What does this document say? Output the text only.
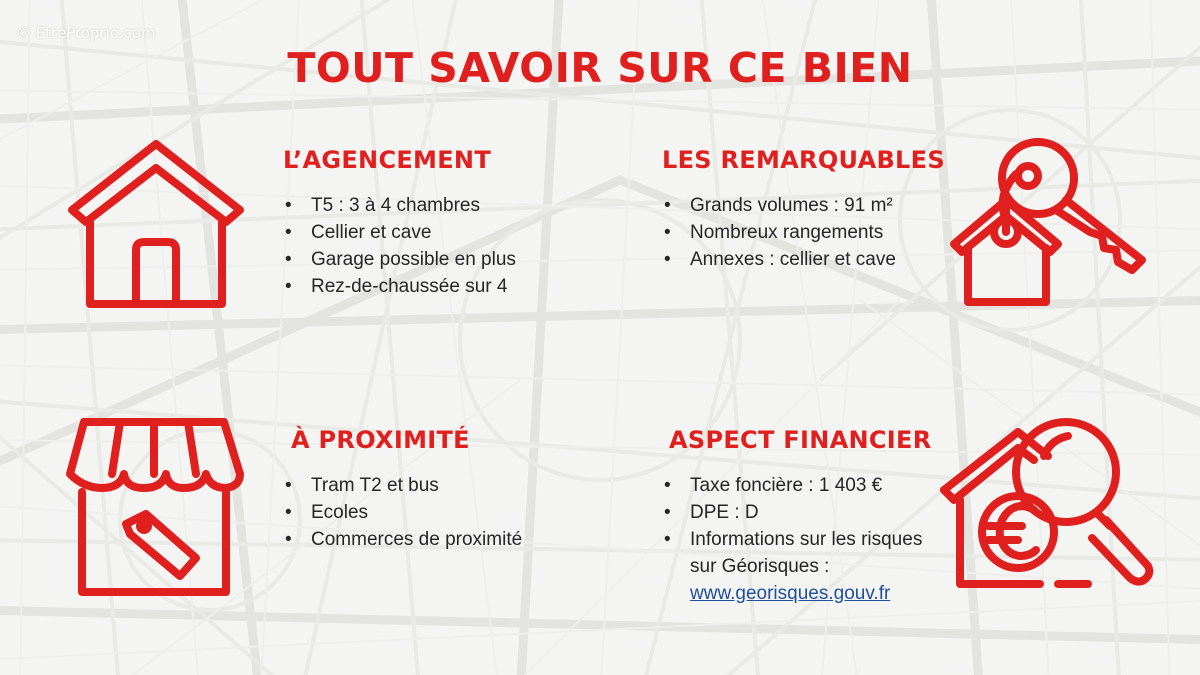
© EtreProprio.com
TOUT SAVOIR SUR CE BIEN
L’AGENCEMENT
• T5 : 3 à 4 chambres
• Cellier et cave
• Garage possible en plus
• Rez-de-chaussée sur 4
LES REMARQUABLES
• Grands volumes : 91 m²
• Nombreux rangements
• Annexes : cellier et cave
À PROXIMITÉ
• Tram T2 et bus
• Ecoles
• Commerces de proximité
ASPECT FINANCIER
• Taxe foncière : 1 403 €
• DPE : D
• Informations sur les risques
sur Géorisques :
www.georisques.gouv.fr
